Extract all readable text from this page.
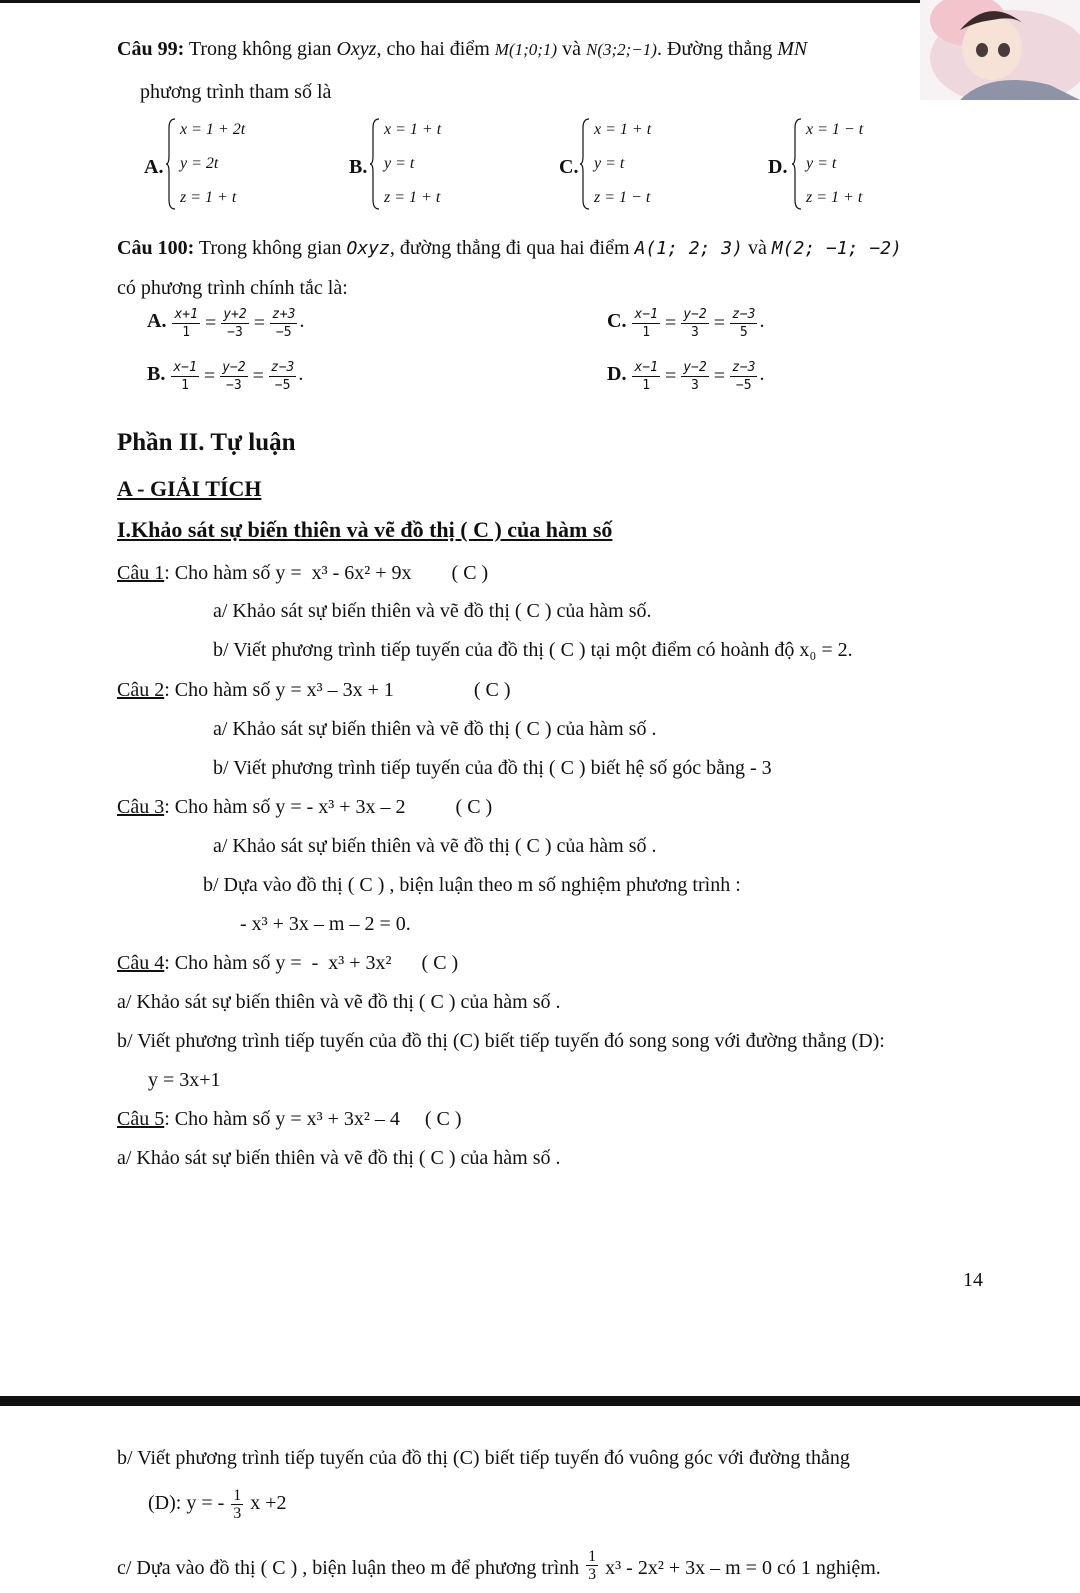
Câu 99: Trong không gian Oxyz, cho hai điểm M(1;0;1) và N(3;2;−1). Đường thẳng MN
phương trình tham số là
A.
x = 1 + 2t
y = 2t
z = 1 + t
B.
x = 1 + t
y = t
z = 1 + t
C.
x = 1 + t
y = t
z = 1 − t
D.
x = 1 − t
y = t
z = 1 + t
Câu 100: Trong không gian Oxyz, đường thẳng đi qua hai điểm A(1; 2; 3) và M(2; −1; −2)
có phương trình chính tắc là:
A. $\frac{x+1}{1} = \frac{y+2}{-3} = \frac{z+3}{-5}$ .	C. $\frac{x-1}{1} = \frac{y-2}{3} = \frac{z-3}{5}$ .
B. $\frac{x-1}{1} = \frac{y-2}{-3} = \frac{z-3}{-5}$ .	D. $\frac{x-1}{1} = \frac{y-2}{3} = \frac{z-3}{-5}$ .
Phần II. Tự luận
A - GIẢI TÍCH
I.Khảo sát sự biến thiên và vẽ đồ thị ( C ) của hàm số
Câu 1: Cho hàm số y =  x³ - 6x² + 9x        ( C )
a/ Khảo sát sự biến thiên và vẽ đồ thị ( C ) của hàm số.
b/ Viết phương trình tiếp tuyến của đồ thị ( C ) tại một điểm có hoành độ x₀ = 2.
Câu 2: Cho hàm số y = x³ – 3x + 1                ( C )
a/ Khảo sát sự biến thiên và vẽ đồ thị ( C ) của hàm số .
b/ Viết phương trình tiếp tuyến của đồ thị ( C ) biết hệ số góc bằng - 3
Câu 3: Cho hàm số y = - x³ + 3x – 2          ( C )
a/ Khảo sát sự biến thiên và vẽ đồ thị ( C ) của hàm số .
b/ Dựa vào đồ thị ( C ) , biện luận theo m số nghiệm phương trình :
- x³ + 3x – m – 2 = 0.
Câu 4: Cho hàm số y =  -  x³ + 3x²      ( C )
a/ Khảo sát sự biến thiên và vẽ đồ thị ( C ) của hàm số .
b/ Viết phương trình tiếp tuyến của đồ thị (C) biết tiếp tuyến đó song song với đường thẳng (D):
y = 3x+1
Câu 5: Cho hàm số y = x³ + 3x² – 4     ( C )
a/ Khảo sát sự biến thiên và vẽ đồ thị ( C ) của hàm số .
14
b/ Viết phương trình tiếp tuyến của đồ thị (C) biết tiếp tuyến đó vuông góc với đường thẳng
(D): y = - $\frac{1}{3}$ x +2
c/ Dựa vào đồ thị ( C ) , biện luận theo m để phương trình $\frac{1}{3} x^3 - 2x^2 + 3x - m = 0$ có 1 nghiệm.
